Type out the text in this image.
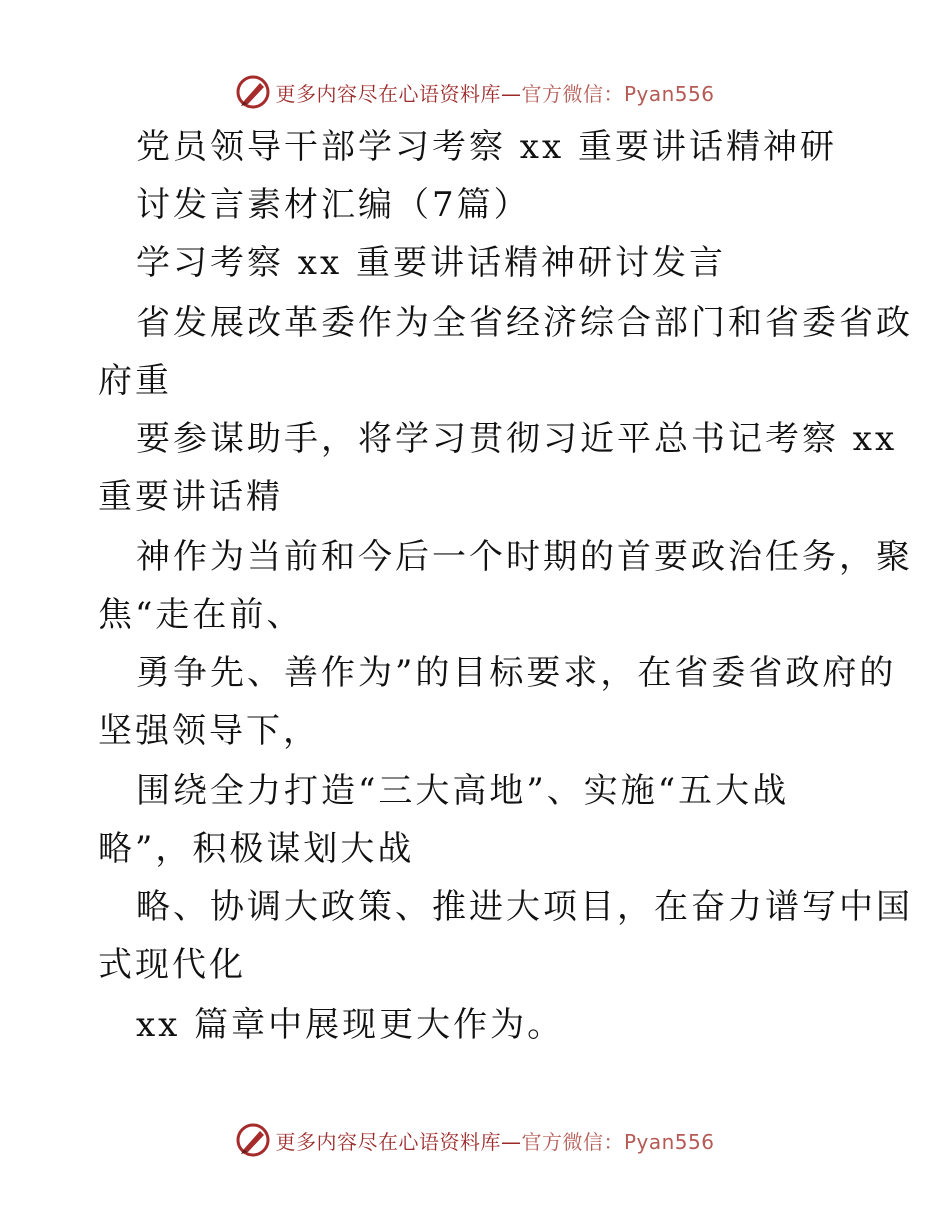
更多内容尽在心语资料库—官方微信：Pyan556
党员领导干部学习考察 xx 重要讲话精神研
讨发言素材汇编（7篇）
学习考察 xx 重要讲话精神研讨发言
省发展改革委作为全省经济综合部门和省委省政
府重
要参谋助手，将学习贯彻习近平总书记考察 xx
重要讲话精
神作为当前和今后一个时期的首要政治任务，聚
焦“走在前、
勇争先、善作为”的目标要求，在省委省政府的
坚强领导下，
围绕全力打造“三大高地”、实施“五大战
略”，积极谋划大战
略、协调大政策、推进大项目，在奋力谱写中国
式现代化
xx 篇章中展现更大作为。
更多内容尽在心语资料库—官方微信：Pyan556
